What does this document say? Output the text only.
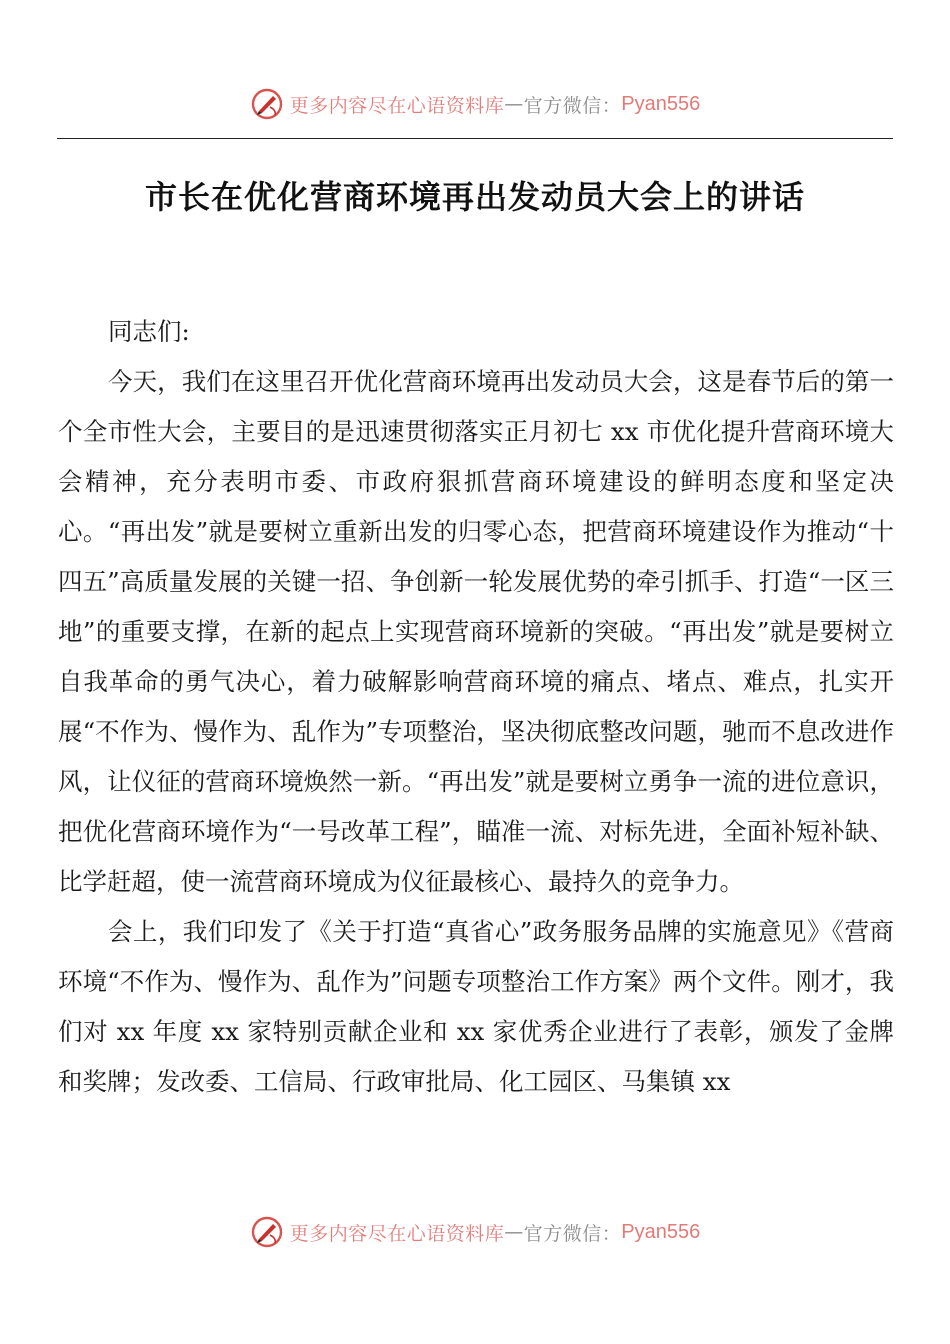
更多内容尽在心语资料库 — 官方微信： Pyan556
市长在优化营商环境再出发动员大会上的讲话

同志们:

今天，我们在这里召开优化营商环境再出发动员大会，这是春节后的第一个全市性大会，主要目的是迅速贯彻落实正月初七 xx 市优化提升营商环境大会精神，充分表明市委、市政府狠抓营商环境建设的鲜明态度和坚定决心。“再出发”就是要树立重新出发的归零心态，把营商环境建设作为推动“十四五”高质量发展的关键一招、争创新一轮发展优势的牵引抓手、打造“一区三地”的重要支撑，在新的起点上实现营商环境新的突破。“再出发”就是要树立自我革命的勇气决心，着力破解影响营商环境的痛点、堵点、难点，扎实开展“不作为、慢作为、乱作为”专项整治，坚决彻底整改问题，驰而不息改进作风，让仪征的营商环境焕然一新。“再出发”就是要树立勇争一流的进位意识，把优化营商环境作为“一号改革工程”，瞄准一流、对标先进，全面补短补缺、比学赶超，使一流营商环境成为仪征最核心、最持久的竞争力。

会上，我们印发了《关于打造“真省心”政务服务品牌的实施意见》《营商环境“不作为、慢作为、乱作为”问题专项整治工作方案》两个文件。刚才，我们对 xx 年度 xx 家特别贡献企业和 xx 家优秀企业进行了表彰，颁发了金牌和奖牌；发改委、工信局、行政审批局、化工园区、马集镇 xx

更多内容尽在心语资料库 — 官方微信： Pyan556
